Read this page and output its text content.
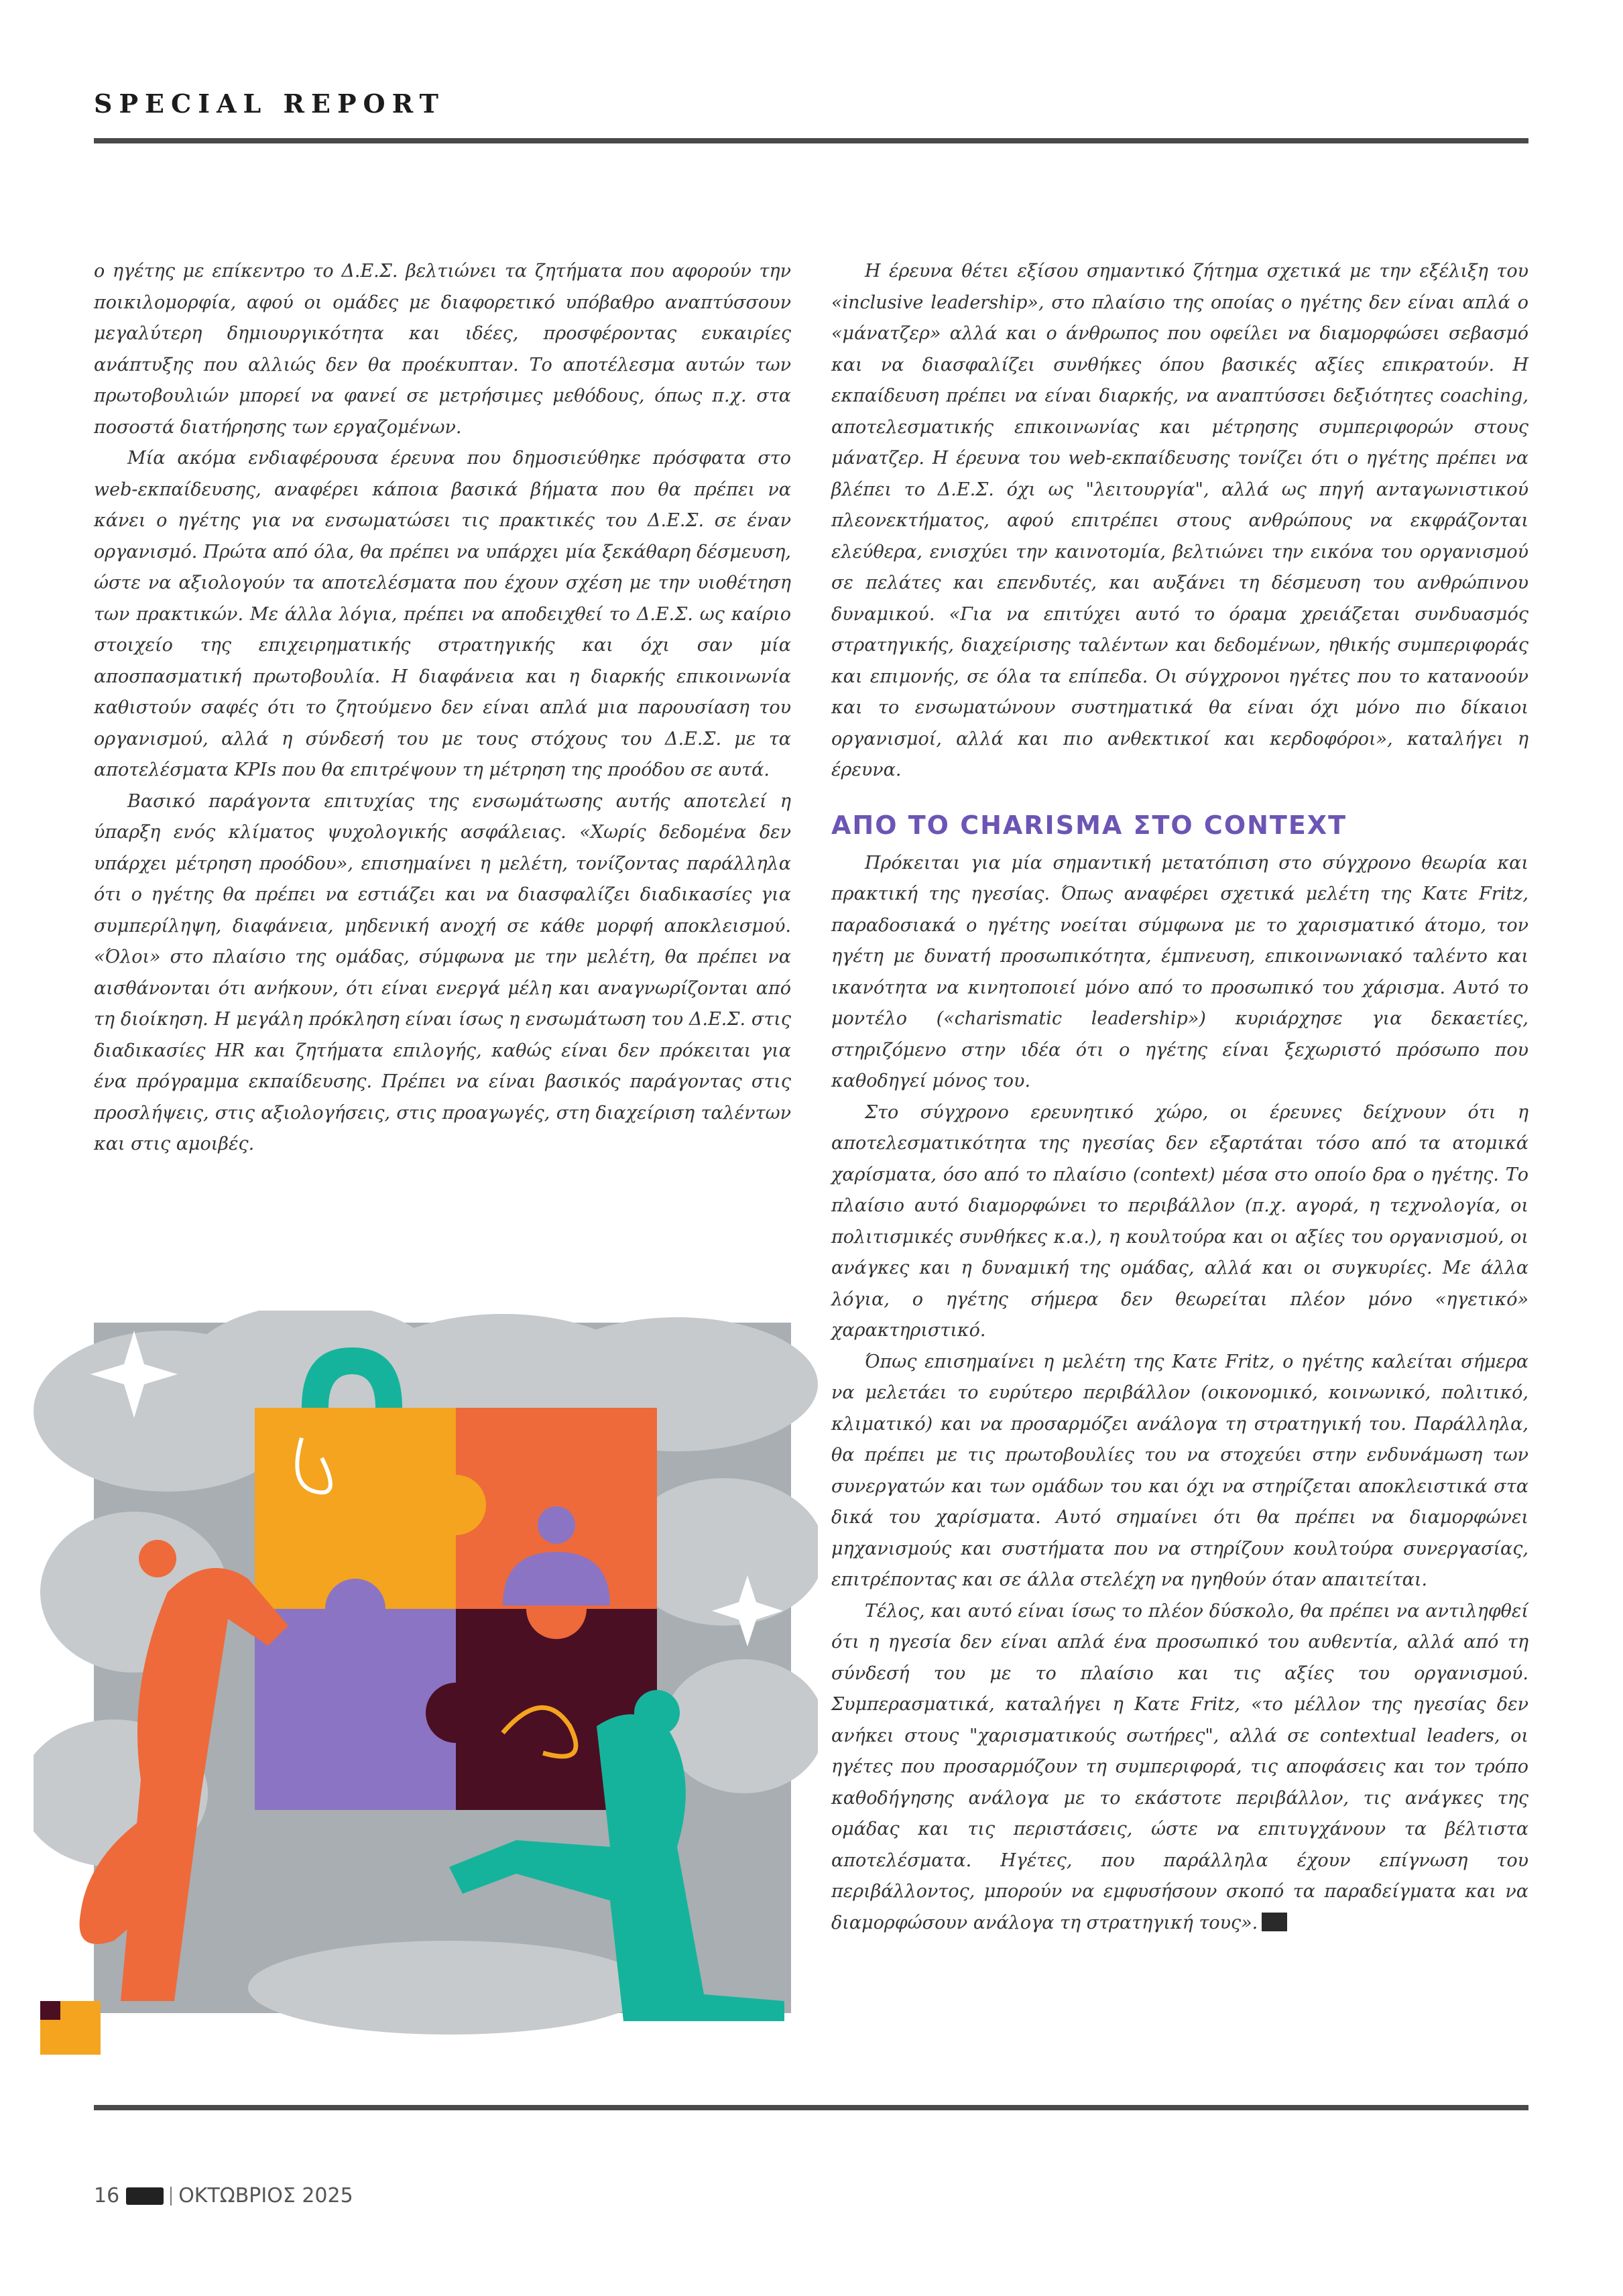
SPECIAL REPORT

ο ηγέτης με επίκεντρο το Δ.Ε.Σ. βελτιώνει τα ζητήματα που αφορούν την ποικιλομορφία, αφού οι ομάδες με διαφορετικό υπόβαθρο αναπτύσσουν μεγαλύτερη δημιουργικότητα και ιδέες, προσφέροντας ευκαιρίες ανάπτυξης που αλλιώς δεν θα προέκυπταν. Το αποτέλεσμα αυτών των πρωτοβουλιών μπορεί να φανεί σε μετρήσιμες μεθόδους, όπως π.χ. στα ποσοστά διατήρησης των εργαζομένων.

Μία ακόμα ενδιαφέρουσα έρευνα που δημοσιεύθηκε πρόσφατα στο web-εκπαίδευσης, αναφέρει κάποια βασικά βήματα που θα πρέπει να κάνει ο ηγέτης για να ενσωματώσει τις πρακτικές του Δ.Ε.Σ. σε έναν οργανισμό. Πρώτα από όλα, θα πρέπει να υπάρχει μία ξεκάθαρη δέσμευση, ώστε να αξιολογούν τα αποτελέσματα που έχουν σχέση με την υιοθέτηση των πρακτικών. Με άλλα λόγια, πρέπει να αποδειχθεί το Δ.Ε.Σ. ως καίριο στοιχείο της επιχειρηματικής στρατηγικής και όχι σαν μία αποσπασματική πρωτοβουλία. Η διαφάνεια και η διαρκής επικοινωνία καθιστούν σαφές ότι το ζητούμενο δεν είναι απλά μια παρουσίαση του οργανισμού, αλλά η σύνδεσή του με τους στόχους του Δ.Ε.Σ. με τα αποτελέσματα KPIs που θα επιτρέψουν τη μέτρηση της προόδου σε αυτά.

Βασικό παράγοντα επιτυχίας της ενσωμάτωσης αυτής αποτελεί η ύπαρξη ενός κλίματος ψυχολογικής ασφάλειας. «Χωρίς δεδομένα δεν υπάρχει μέτρηση προόδου», επισημαίνει η μελέτη, τονίζοντας παράλληλα ότι ο ηγέτης θα πρέπει να εστιάζει και να διασφαλίζει διαδικασίες για συμπερίληψη, διαφάνεια, μηδενική ανοχή σε κάθε μορφή αποκλεισμού. «Όλοι» στο πλαίσιο της ομάδας, σύμφωνα με την μελέτη, θα πρέπει να αισθάνονται ότι ανήκουν, ότι είναι ενεργά μέλη και αναγνωρίζονται από τη διοίκηση. Η μεγάλη πρόκληση είναι ίσως η ενσωμάτωση του Δ.Ε.Σ. στις διαδικασίες HR και ζητήματα επιλογής, καθώς είναι δεν πρόκειται για ένα πρόγραμμα εκπαίδευσης. Πρέπει να είναι βασικός παράγοντας στις προσλήψεις, στις αξιολογήσεις, στις προαγωγές, στη διαχείριση ταλέντων και στις αμοιβές.

Η έρευνα θέτει εξίσου σημαντικό ζήτημα σχετικά με την εξέλιξη του «inclusive leadership», στο πλαίσιο της οποίας ο ηγέτης δεν είναι απλά ο «μάνατζερ» αλλά και ο άνθρωπος που οφείλει να διαμορφώσει σεβασμό και να διασφαλίζει συνθήκες όπου βασικές αξίες επικρατούν. Η εκπαίδευση πρέπει να είναι διαρκής, να αναπτύσσει δεξιότητες coaching, αποτελεσματικής επικοινωνίας και μέτρησης συμπεριφορών στους μάνατζερ. Η έρευνα του web-εκπαίδευσης τονίζει ότι ο ηγέτης πρέπει να βλέπει το Δ.Ε.Σ. όχι ως "λειτουργία", αλλά ως πηγή ανταγωνιστικού πλεονεκτήματος, αφού επιτρέπει στους ανθρώπους να εκφράζονται ελεύθερα, ενισχύει την καινοτομία, βελτιώνει την εικόνα του οργανισμού σε πελάτες και επενδυτές, και αυξάνει τη δέσμευση του ανθρώπινου δυναμικού. «Για να επιτύχει αυτό το όραμα χρειάζεται συνδυασμός στρατηγικής, διαχείρισης ταλέντων και δεδομένων, ηθικής συμπεριφοράς και επιμονής, σε όλα τα επίπεδα. Οι σύγχρονοι ηγέτες που το κατανοούν και το ενσωματώνουν συστηματικά θα είναι όχι μόνο πιο δίκαιοι οργανισμοί, αλλά και πιο ανθεκτικοί και κερδοφόροι», καταλήγει η έρευνα.

ΑΠΟ ΤΟ CHARISMA ΣΤΟ CONTEXT

Πρόκειται για μία σημαντική μετατόπιση στο σύγχρονο θεωρία και πρακτική της ηγεσίας. Όπως αναφέρει σχετικά μελέτη της Κατε Fritz, παραδοσιακά ο ηγέτης νοείται σύμφωνα με το χαρισματικό άτομο, τον ηγέτη με δυνατή προσωπικότητα, έμπνευση, επικοινωνιακό ταλέντο και ικανότητα να κινητοποιεί μόνο από το προσωπικό του χάρισμα. Αυτό το μοντέλο («charismatic leadership») κυριάρχησε για δεκαετίες, στηριζόμενο στην ιδέα ότι ο ηγέτης είναι ξεχωριστό πρόσωπο που καθοδηγεί μόνος του.

Στο σύγχρονο ερευνητικό χώρο, οι έρευνες δείχνουν ότι η αποτελεσματικότητα της ηγεσίας δεν εξαρτάται τόσο από τα ατομικά χαρίσματα, όσο από το πλαίσιο (context) μέσα στο οποίο δρα ο ηγέτης. Το πλαίσιο αυτό διαμορφώνει το περιβάλλον (π.χ. αγορά, η τεχνολογία, οι πολιτισμικές συνθήκες κ.α.), η κουλτούρα και οι αξίες του οργανισμού, οι ανάγκες και η δυναμική της ομάδας, αλλά και οι συγκυρίες. Με άλλα λόγια, ο ηγέτης σήμερα δεν θεωρείται πλέον μόνο «ηγετικό» χαρακτηριστικό.

Όπως επισημαίνει η μελέτη της Κατε Fritz, ο ηγέτης καλείται σήμερα να μελετάει το ευρύτερο περιβάλλον (οικονομικό, κοινωνικό, πολιτικό, κλιματικό) και να προσαρμόζει ανάλογα τη στρατηγική του. Παράλληλα, θα πρέπει με τις πρωτοβουλίες του να στοχεύει στην ενδυνάμωση των συνεργατών και των ομάδων του και όχι να στηρίζεται αποκλειστικά στα δικά του χαρίσματα. Αυτό σημαίνει ότι θα πρέπει να διαμορφώνει μηχανισμούς και συστήματα που να στηρίζουν κουλτούρα συνεργασίας, επιτρέποντας και σε άλλα στελέχη να ηγηθούν όταν απαιτείται.

Τέλος, και αυτό είναι ίσως το πλέον δύσκολο, θα πρέπει να αντιληφθεί ότι η ηγεσία δεν είναι απλά ένα προσωπικό του αυθεντία, αλλά από τη σύνδεσή του με το πλαίσιο και τις αξίες του οργανισμού. Συμπερασματικά, καταλήγει η Κατε Fritz, «το μέλλον της ηγεσίας δεν ανήκει στους "χαρισματικούς σωτήρες", αλλά σε contextual leaders, οι ηγέτες που προσαρμόζουν τη συμπεριφορά, τις αποφάσεις και τον τρόπο καθοδήγησης ανάλογα με το εκάστοτε περιβάλλον, τις ανάγκες της ομάδας και τις περιστάσεις, ώστε να επιτυγχάνουν τα βέλτιστα αποτελέσματα. Ηγέτες, που παράλληλα έχουν επίγνωση του περιβάλλοντος, μπορούν να εμφυσήσουν σκοπό τα παραδείγματα και να διαμορφώσουν ανάλογα τη στρατηγική τους».

16	ΟΚΤΩΒΡΙΟΣ 2025
